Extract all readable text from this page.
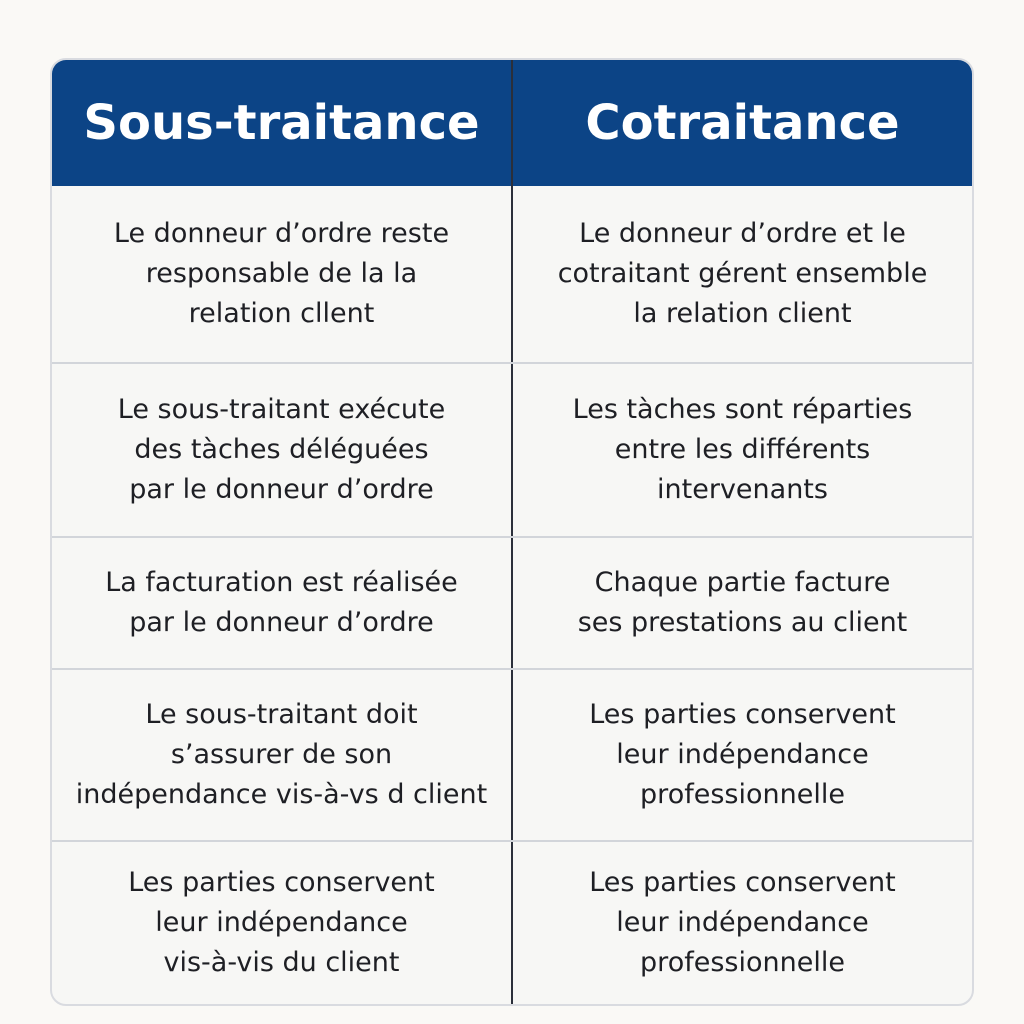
Sous-traitance	Cotraitance
Le donneur d’ordre reste
responsable de la la
relation cllent
Le donneur d’ordre et le
cotraitant gérent ensemble
la relation client
Le sous-traitant exécute
des tàches déléguées
par le donneur d’ordre
Les tàches sont réparties
entre les différents
intervenants
La facturation est réalisée
par le donneur d’ordre
Chaque partie facture
ses prestations au client
Le sous-traitant doit
s’assurer de son
indépendance vis-à-vs d client
Les parties conservent
leur indépendance
professionnelle
Les parties conservent
leur indépendance
vis-à-vis du client
Les parties conservent
leur indépendance
professionnelle
